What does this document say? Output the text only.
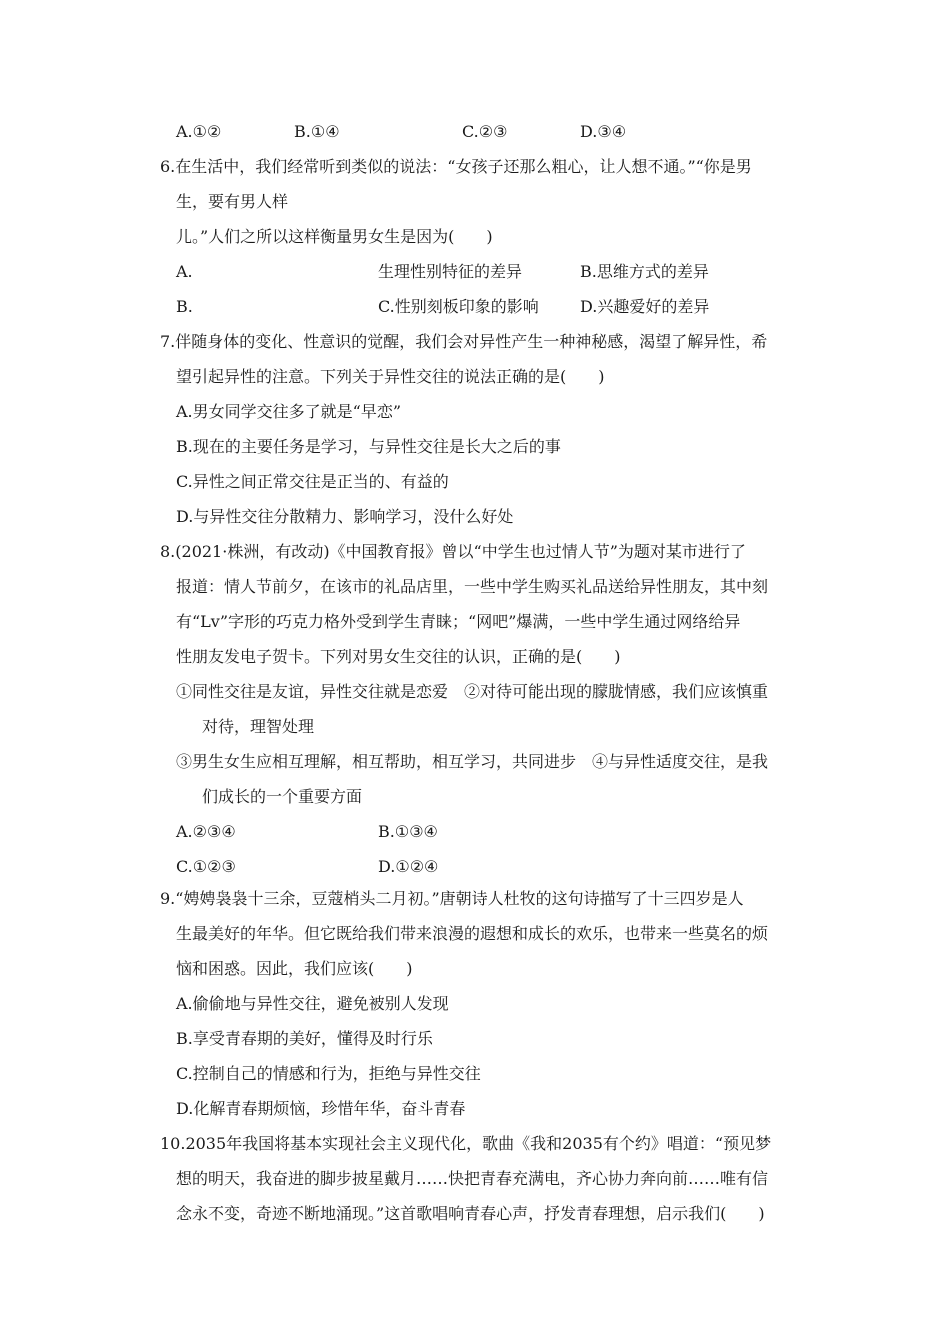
A.①②	B.①④	C.②③	D.③④
6.在生活中，我们经常听到类似的说法：“女孩子还那么粗心，让人想不通。”“你是男
生，要有男人样
儿。”人们之所以这样衡量男女生是因为(　　)
A.	生理性别特征的差异	B.思维方式的差异
B.	C.性别刻板印象的影响	D.兴趣爱好的差异
7.伴随身体的变化、性意识的觉醒，我们会对异性产生一种神秘感，渴望了解异性，希
望引起异性的注意。下列关于异性交往的说法正确的是(　　)
A.男女同学交往多了就是“早恋”
B.现在的主要任务是学习，与异性交往是长大之后的事
C.异性之间正常交往是正当的、有益的
D.与异性交往分散精力、影响学习，没什么好处
8.(2021·株洲，有改动)《中国教育报》曾以“中学生也过情人节”为题对某市进行了
报道：情人节前夕，在该市的礼品店里，一些中学生购买礼品送给异性朋友，其中刻
有“Lv”字形的巧克力格外受到学生青睐；“网吧”爆满，一些中学生通过网络给异
性朋友发电子贺卡。下列对男女生交往的认识，正确的是(　　)
①同性交往是友谊，异性交往就是恋爱　②对待可能出现的朦胧情感，我们应该慎重
对待，理智处理
③男生女生应相互理解，相互帮助，相互学习，共同进步　④与异性适度交往，是我
们成长的一个重要方面
A.②③④	B.①③④
C.①②③	D.①②④
9.“娉娉袅袅十三余，豆蔻梢头二月初。”唐朝诗人杜牧的这句诗描写了十三四岁是人
生最美好的年华。但它既给我们带来浪漫的遐想和成长的欢乐，也带来一些莫名的烦
恼和困惑。因此，我们应该(　　)
A.偷偷地与异性交往，避免被别人发现
B.享受青春期的美好，懂得及时行乐
C.控制自己的情感和行为，拒绝与异性交往
D.化解青春期烦恼，珍惜年华，奋斗青春
10.2035年我国将基本实现社会主义现代化，歌曲《我和2035有个约》唱道：“预见梦
想的明天，我奋进的脚步披星戴月……快把青春充满电，齐心协力奔向前……唯有信
念永不变，奇迹不断地涌现。”这首歌唱响青春心声，抒发青春理想，启示我们(　　)
